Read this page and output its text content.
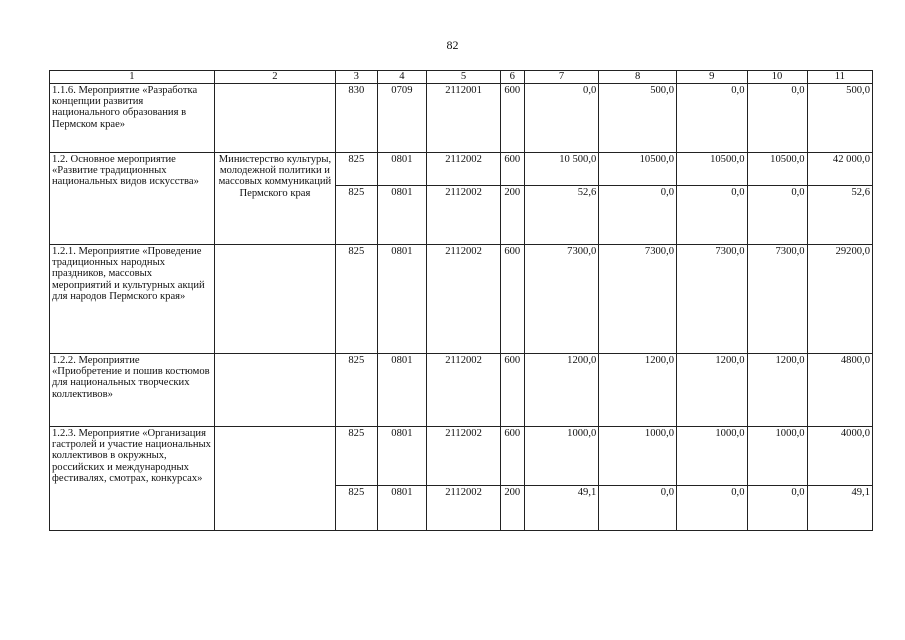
82
1	2	3	4	5	6	7	8	9	10	11
1.1.6. Мероприятие «Разработка концепции развития национального образования в Пермском крае»		830	0709	2112001	600	0,0	500,0	0,0	0,0	500,0
1.2. Основное мероприятие «Развитие традиционных национальных видов искусства»	Министерство культуры, молодежной политики и массовых коммуникаций Пермского края	825	0801	2112002	600	10 500,0	10500,0	10500,0	10500,0	42 000,0
		825	0801	2112002	200	52,6	0,0	0,0	0,0	52,6
1.2.1. Мероприятие «Проведение традиционных народных праздников, массовых мероприятий и культурных акций для народов Пермского края»		825	0801	2112002	600	7300,0	7300,0	7300,0	7300,0	29200,0
1.2.2. Мероприятие «Приобретение и пошив костюмов для национальных творческих коллективов»		825	0801	2112002	600	1200,0	1200,0	1200,0	1200,0	4800,0
1.2.3. Мероприятие «Организация гастролей и участие национальных коллективов в окружных, российских и международных фестивалях, смотрах, конкурсах»		825	0801	2112002	600	1000,0	1000,0	1000,0	1000,0	4000,0
		825	0801	2112002	200	49,1	0,0	0,0	0,0	49,1
